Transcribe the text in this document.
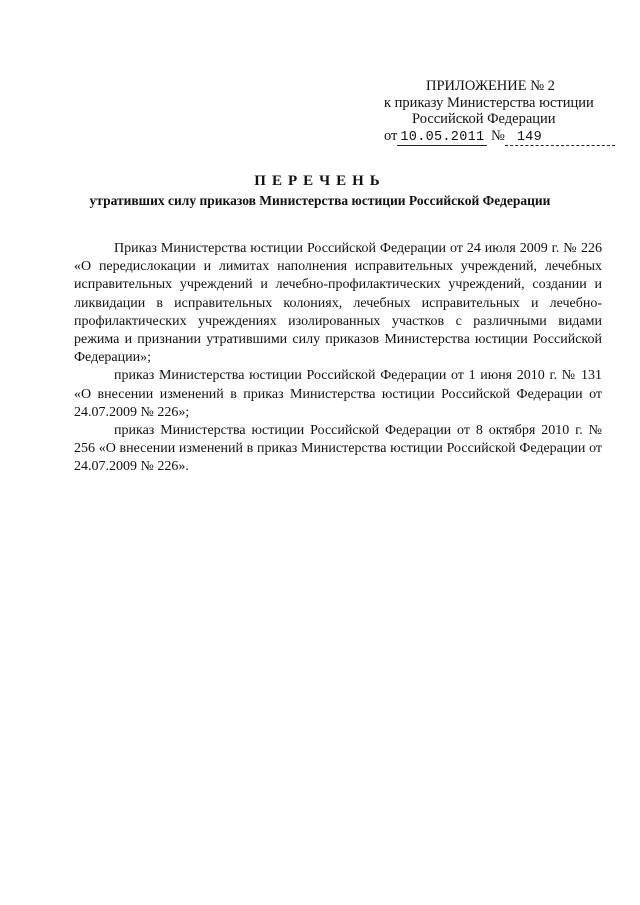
ПРИЛОЖЕНИЕ № 2
к приказу Министерства юстиции
Российской Федерации
от 10.05.2011 № 149
ПЕРЕЧЕНЬ
утративших силу приказов Министерства юстиции Российской Федерации

Приказ Министерства юстиции Российской Федерации от 24 июля 2009 г. № 226 «О передислокации и лимитах наполнения исправительных учреждений, лечебных исправительных учреждений и лечебно-профилактических учреждений, создании и ликвидации в исправительных колониях, лечебных исправительных и лечебно-профилактических учреждениях изолированных участков с различными видами режима и признании утратившими силу приказов Министерства юстиции Российской Федерации»;

приказ Министерства юстиции Российской Федерации от 1 июня 2010 г. № 131 «О внесении изменений в приказ Министерства юстиции Российской Федерации от 24.07.2009 № 226»;

приказ Министерства юстиции Российской Федерации от 8 октября 2010 г. № 256 «О внесении изменений в приказ Министерства юстиции Российской Федерации от 24.07.2009 № 226».
